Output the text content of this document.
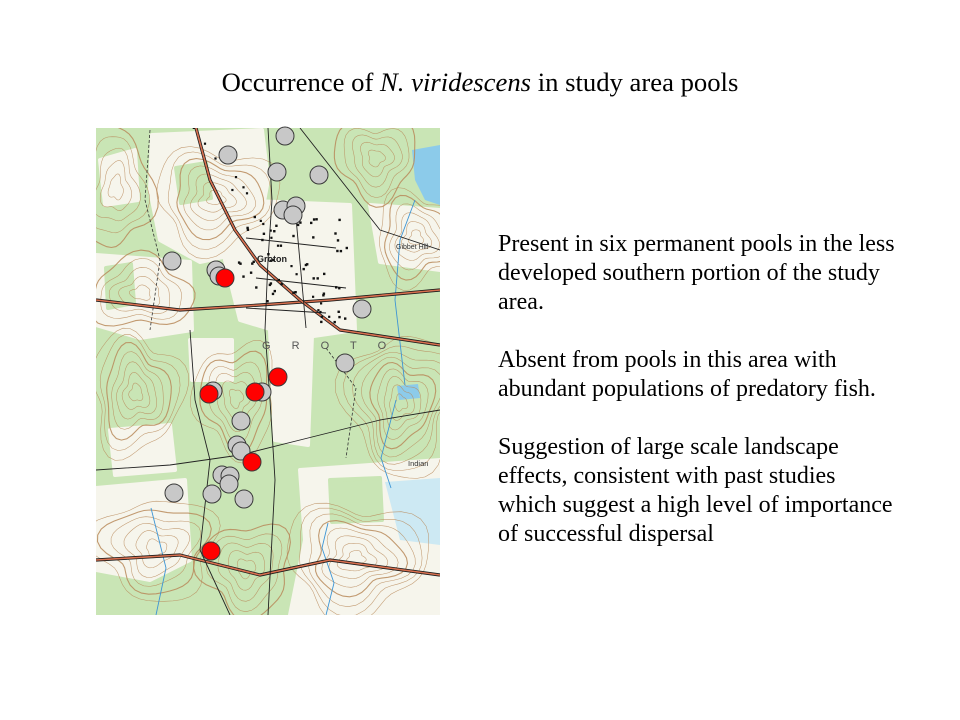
Occurrence of N. viridescens in study area pools
Groton
Gibbet Hill
Indian
G R O T O
Present in six permanent pools in the less
developed southern portion of the study
area.
Absent from pools in this area with
abundant populations of predatory fish.
Suggestion of large scale landscape
effects, consistent with past studies
which suggest a high level of importance
of successful dispersal
